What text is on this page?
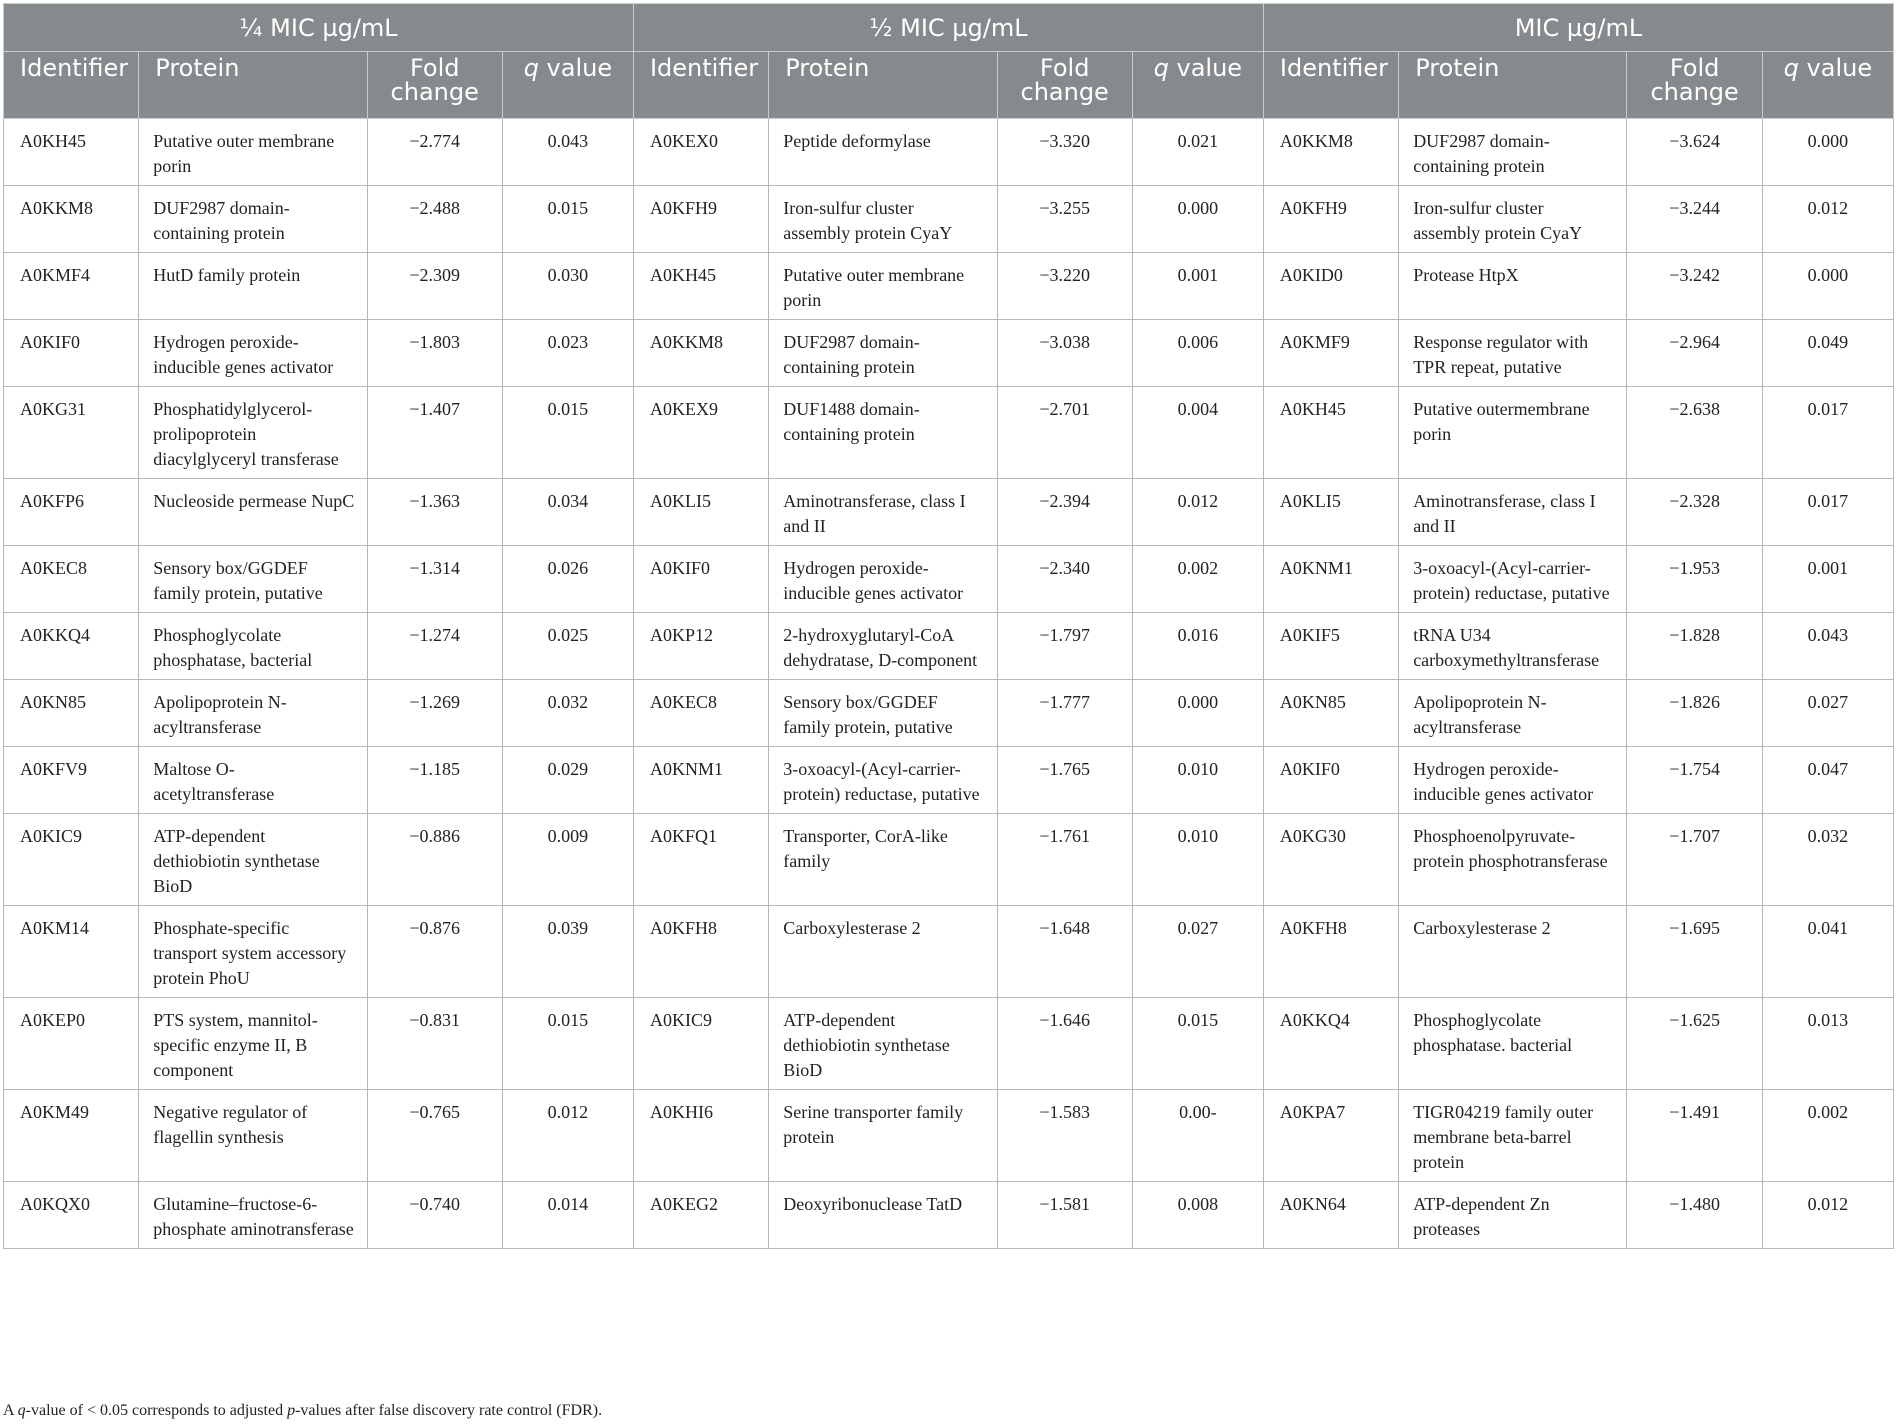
¼ MIC µg/mL				½ MIC µg/mL				MIC µg/mL			
Identifier	Protein	Fold change	q value	Identifier	Protein	Fold change	q value	Identifier	Protein	Fold change	q value
A0KH45	Putative outer membrane porin	−2.774	0.043	A0KEX0	Peptide deformylase	−3.320	0.021	A0KKM8	DUF2987 domain-containing protein	−3.624	0.000
A0KKM8	DUF2987 domain-containing protein	−2.488	0.015	A0KFH9	Iron-sulfur cluster assembly protein CyaY	−3.255	0.000	A0KFH9	Iron-sulfur cluster assembly protein CyaY	−3.244	0.012
A0KMF4	HutD family protein	−2.309	0.030	A0KH45	Putative outer membrane porin	−3.220	0.001	A0KID0	Protease HtpX	−3.242	0.000
A0KIF0	Hydrogen peroxide-inducible genes activator	−1.803	0.023	A0KKM8	DUF2987 domain-containing protein	−3.038	0.006	A0KMF9	Response regulator with TPR repeat, putative	−2.964	0.049
A0KG31	Phosphatidylglycerol-prolipoprotein diacylglyceryl transferase	−1.407	0.015	A0KEX9	DUF1488 domain-containing protein	−2.701	0.004	A0KH45	Putative outermembrane porin	−2.638	0.017
A0KFP6	Nucleoside permease NupC	−1.363	0.034	A0KLI5	Aminotransferase, class I and II	−2.394	0.012	A0KLI5	Aminotransferase, class I and II	−2.328	0.017
A0KEC8	Sensory box/GGDEF family protein, putative	−1.314	0.026	A0KIF0	Hydrogen peroxide-inducible genes activator	−2.340	0.002	A0KNM1	3-oxoacyl-(Acyl-carrier-protein) reductase, putative	−1.953	0.001
A0KKQ4	Phosphoglycolate phosphatase, bacterial	−1.274	0.025	A0KP12	2-hydroxyglutaryl-CoA dehydratase, D-component	−1.797	0.016	A0KIF5	tRNA U34 carboxymethyltransferase	−1.828	0.043
A0KN85	Apolipoprotein N-acyltransferase	−1.269	0.032	A0KEC8	Sensory box/GGDEF family protein, putative	−1.777	0.000	A0KN85	Apolipoprotein N-acyltransferase	−1.826	0.027
A0KFV9	Maltose O-acetyltransferase	−1.185	0.029	A0KNM1	3-oxoacyl-(Acyl-carrier-protein) reductase, putative	−1.765	0.010	A0KIF0	Hydrogen peroxide-inducible genes activator	−1.754	0.047
A0KIC9	ATP-dependent dethiobiotin synthetase BioD	−0.886	0.009	A0KFQ1	Transporter, CorA-like family	−1.761	0.010	A0KG30	Phosphoenolpyruvate-protein phosphotransferase	−1.707	0.032
A0KM14	Phosphate-specific transport system accessory protein PhoU	−0.876	0.039	A0KFH8	Carboxylesterase 2	−1.648	0.027	A0KFH8	Carboxylesterase 2	−1.695	0.041
A0KEP0	PTS system, mannitol-specific enzyme II, B component	−0.831	0.015	A0KIC9	ATP-dependent dethiobiotin synthetase BioD	−1.646	0.015	A0KKQ4	Phosphoglycolate phosphatase. bacterial	−1.625	0.013
A0KM49	Negative regulator of flagellin synthesis	−0.765	0.012	A0KHI6	Serine transporter family protein	−1.583	0.00-	A0KPA7	TIGR04219 family outer membrane beta-barrel protein	−1.491	0.002
A0KQX0	Glutamine–fructose-6-phosphate aminotransferase	−0.740	0.014	A0KEG2	Deoxyribonuclease TatD	−1.581	0.008	A0KN64	ATP-dependent Zn proteases	−1.480	0.012
A q-value of < 0.05 corresponds to adjusted p-values after false discovery rate control (FDR).
